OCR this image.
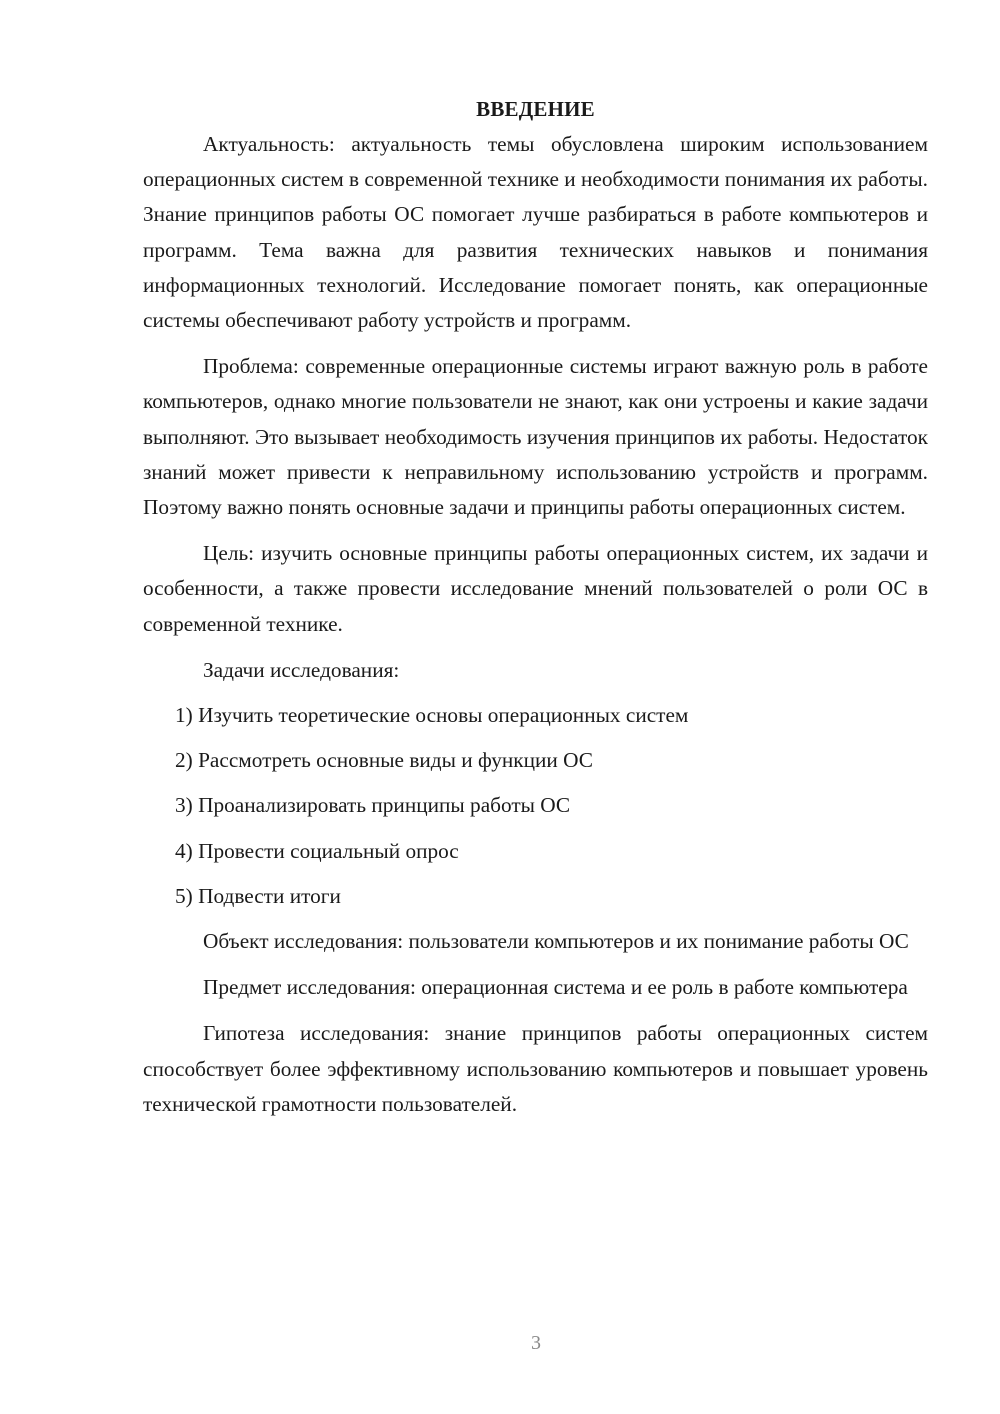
ВВЕДЕНИЕ

Актуальность: актуальность темы обусловлена широким использованием операционных систем в современной технике и необходимости понимания их работы. Знание принципов работы ОС помогает лучше разбираться в работе компьютеров и программ. Тема важна для развития технических навыков и понимания информационных технологий. Исследование помогает понять, как операционные системы обеспечивают работу устройств и программ.

Проблема: современные операционные системы играют важную роль в работе компьютеров, однако многие пользователи не знают, как они устроены и какие задачи выполняют. Это вызывает необходимость изучения принципов их работы. Недостаток знаний может привести к неправильному использованию устройств и программ. Поэтому важно понять основные задачи и принципы работы операционных систем.

Цель: изучить основные принципы работы операционных систем, их задачи и особенности, а также провести исследование мнений пользователей о роли ОС в современной технике.

Задачи исследования:

1) Изучить теоретические основы операционных систем
2) Рассмотреть основные виды и функции ОС
3) Проанализировать принципы работы ОС
4) Провести социальный опрос
5) Подвести итоги

Объект исследования: пользователи компьютеров и их понимание работы ОС

Предмет исследования: операционная система и ее роль в работе компьютера

Гипотеза исследования: знание принципов работы операционных систем способствует более эффективному использованию компьютеров и повышает уровень технической грамотности пользователей.

3
